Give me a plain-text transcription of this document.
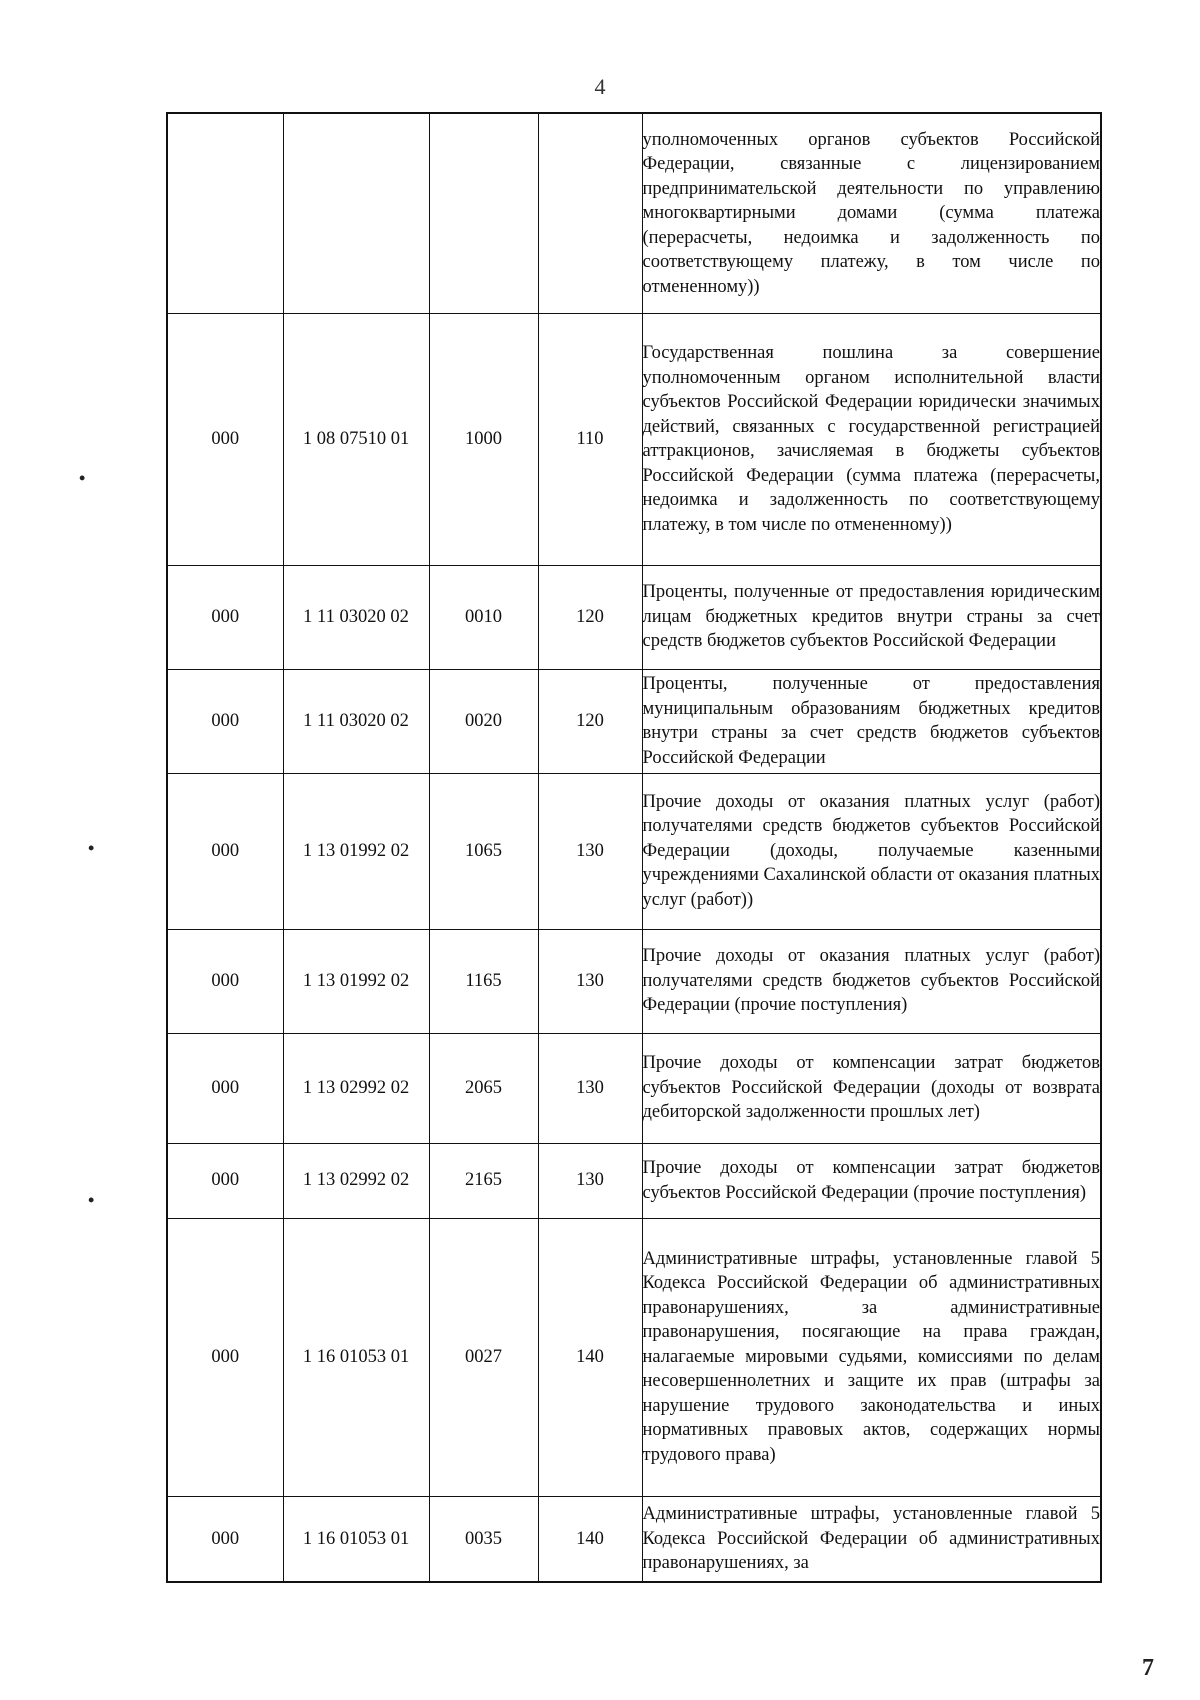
4
•
•
•
				уполномоченных органов субъектов Российской Федерации, связанные с лицензированием предпринимательской деятельности по управлению многоквартирными домами (сумма платежа (перерасчеты, недоимка и задолженность по соответствующему платежу, в том числе по отмененному))
000	1 08 07510 01	1000	110	Государственная пошлина за совершение уполномоченным органом исполнительной власти субъектов Российской Федерации юридически значимых действий, связанных с государственной регистрацией аттракционов, зачисляемая в бюджеты субъектов Российской Федерации (сумма платежа (перерасчеты, недоимка и задолженность по соответствующему платежу, в том числе по отмененному))
000	1 11 03020 02	0010	120	Проценты, полученные от предоставления юридическим лицам бюджетных кредитов внутри страны за счет средств бюджетов субъектов Российской Федерации
000	1 11 03020 02	0020	120	Проценты, полученные от предоставления муниципальным образованиям бюджетных кредитов внутри страны за счет средств бюджетов субъектов Российской Федерации
000	1 13 01992 02	1065	130	Прочие доходы от оказания платных услуг (работ) получателями средств бюджетов субъектов Российской Федерации (доходы, получаемые казенными учреждениями Сахалинской области от оказания платных услуг (работ))
000	1 13 01992 02	1165	130	Прочие доходы от оказания платных услуг (работ) получателями средств бюджетов субъектов Российской Федерации (прочие поступления)
000	1 13 02992 02	2065	130	Прочие доходы от компенсации затрат бюджетов субъектов Российской Федерации (доходы от возврата дебиторской задолженности прошлых лет)
000	1 13 02992 02	2165	130	Прочие доходы от компенсации затрат бюджетов субъектов Российской Федерации (прочие поступления)
000	1 16 01053 01	0027	140	Административные штрафы, установленные главой 5 Кодекса Российской Федерации об административных правонарушениях, за административные правонарушения, посягающие на права граждан, налагаемые мировыми судьями, комиссиями по делам несовершеннолетних и защите их прав (штрафы за нарушение трудового законодательства и иных нормативных правовых актов, содержащих нормы трудового права)
000	1 16 01053 01	0035	140	Административные штрафы, установленные главой 5 Кодекса Российской Федерации об административных правонарушениях, за
7
